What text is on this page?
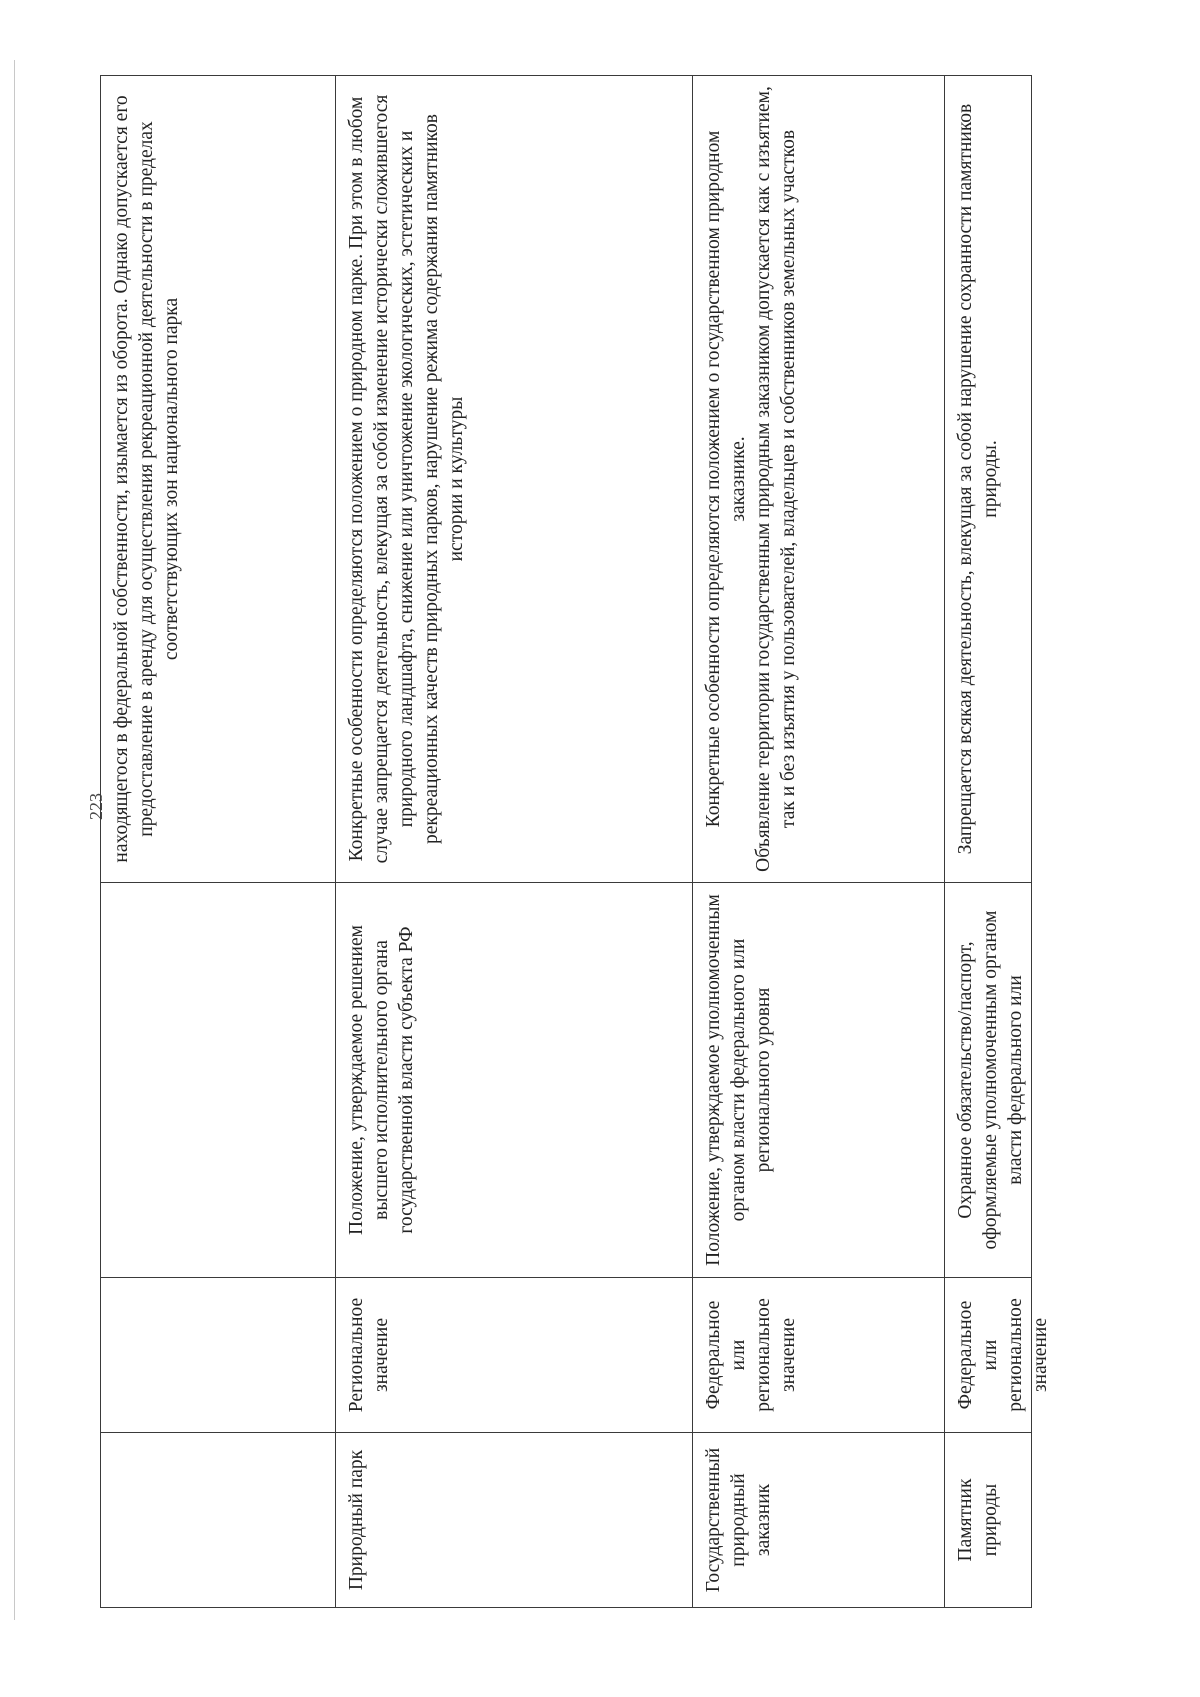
223
			находящегося в федеральной собственности, изымается из оборота. Однако допускается его предоставление в аренду для осуществления рекреационной деятельности в пределах соответствующих зон национального парка
Природный парк	Региональное значение	Положение, утверждаемое решением высшего исполнительного органа государственной власти субъекта РФ	Конкретные особенности определяются положением о природном парке. При этом в любом случае запрещается деятельность, влекущая за собой изменение исторически сложившегося природного ландшафта, снижение или уничтожение экологических, эстетических и рекреационных качеств природных парков, нарушение режима содержания памятников истории и культуры
Государственный природный заказник	Федеральное или региональное значение	Положение, утверждаемое уполномоченным органом власти федерального или регионального уровня	Конкретные особенности определяются положением о государственном природном заказнике. Объявление территории государственным природным заказником допускается как с изъятием, так и без изъятия у пользователей, владельцев и собственников земельных участков

Памятник природы	Федеральное или региональное значение	Охранное обязательство/паспорт, оформляемые уполномоченным органом власти федерального или	Запрещается всякая деятельность, влекущая за собой нарушение сохранности памятников природы.
